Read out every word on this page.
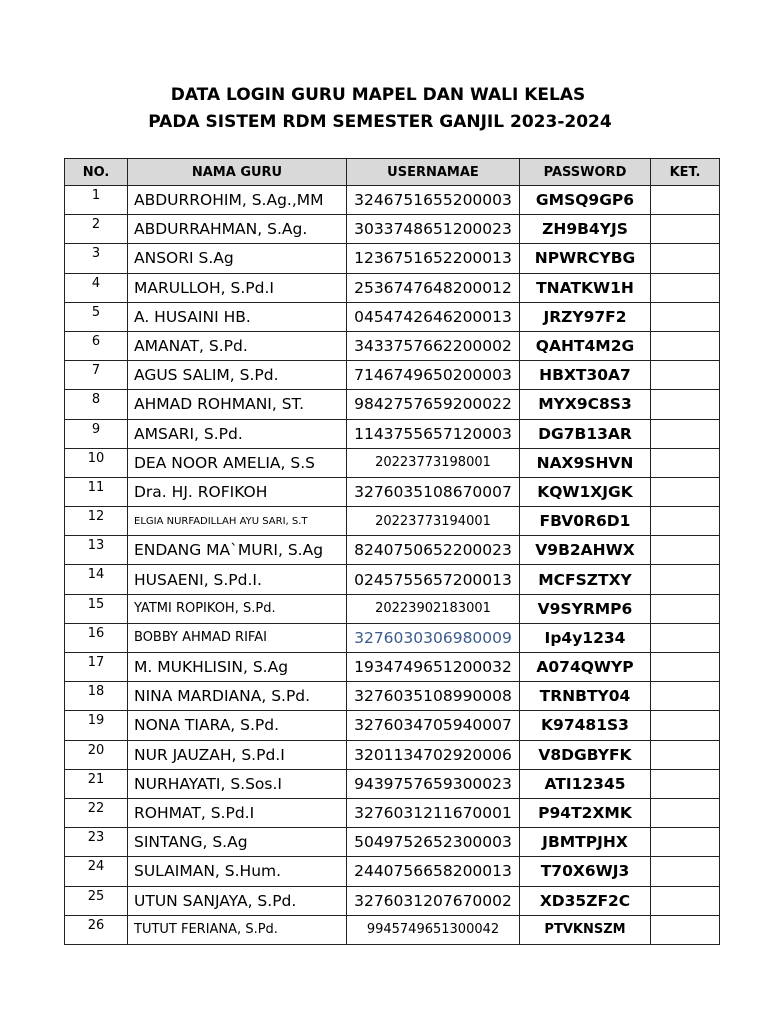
DATA LOGIN GURU MAPEL DAN WALI KELAS
PADA SISTEM RDM SEMESTER GANJIL 2023-2024
NO.	NAMA GURU	USERNAMAE	PASSWORD	KET.
1	ABDURROHIM, S.Ag.,MM	3246751655200003	GMSQ9GP6	
2	ABDURRAHMAN, S.Ag.	3033748651200023	ZH9B4YJS	
3	ANSORI S.Ag	1236751652200013	NPWRCYBG	
4	MARULLOH, S.Pd.I	2536747648200012	TNATKW1H	
5	A. HUSAINI HB.	0454742646200013	JRZY97F2	
6	AMANAT, S.Pd.	3433757662200002	QAHT4M2G	
7	AGUS SALIM, S.Pd.	7146749650200003	HBXT30A7	
8	AHMAD ROHMANI, ST.	9842757659200022	MYX9C8S3	
9	AMSARI, S.Pd.	1143755657120003	DG7B13AR	
10	DEA NOOR AMELIA, S.S	20223773198001	NAX9SHVN	
11	Dra. HJ. ROFIKOH	3276035108670007	KQW1XJGK	
12	ELGIA NURFADILLAH AYU SARI, S.T	20223773194001	FBV0R6D1	
13	ENDANG MA`MURI, S.Ag	8240750652200023	V9B2AHWX	
14	HUSAENI, S.Pd.I.	0245755657200013	MCFSZTXY	
15	YATMI ROPIKOH, S.Pd.	20223902183001	V9SYRMP6	
16	BOBBY AHMAD RIFAI	3276030306980009	Ip4y1234	
17	M. MUKHLISIN, S.Ag	1934749651200032	A074QWYP	
18	NINA MARDIANA, S.Pd.	3276035108990008	TRNBTY04	
19	NONA TIARA, S.Pd.	3276034705940007	K97481S3	
20	NUR JAUZAH, S.Pd.I	3201134702920006	V8DGBYFK	
21	NURHAYATI, S.Sos.I	9439757659300023	ATI12345	
22	ROHMAT, S.Pd.I	3276031211670001	P94T2XMK	
23	SINTANG, S.Ag	5049752652300003	JBMTPJHX	
24	SULAIMAN, S.Hum.	2440756658200013	T70X6WJ3	
25	UTUN SANJAYA, S.Pd.	3276031207670002	XD35ZF2C	
26	TUTUT FERIANA, S.Pd.	9945749651300042	PTVKNSZM	
